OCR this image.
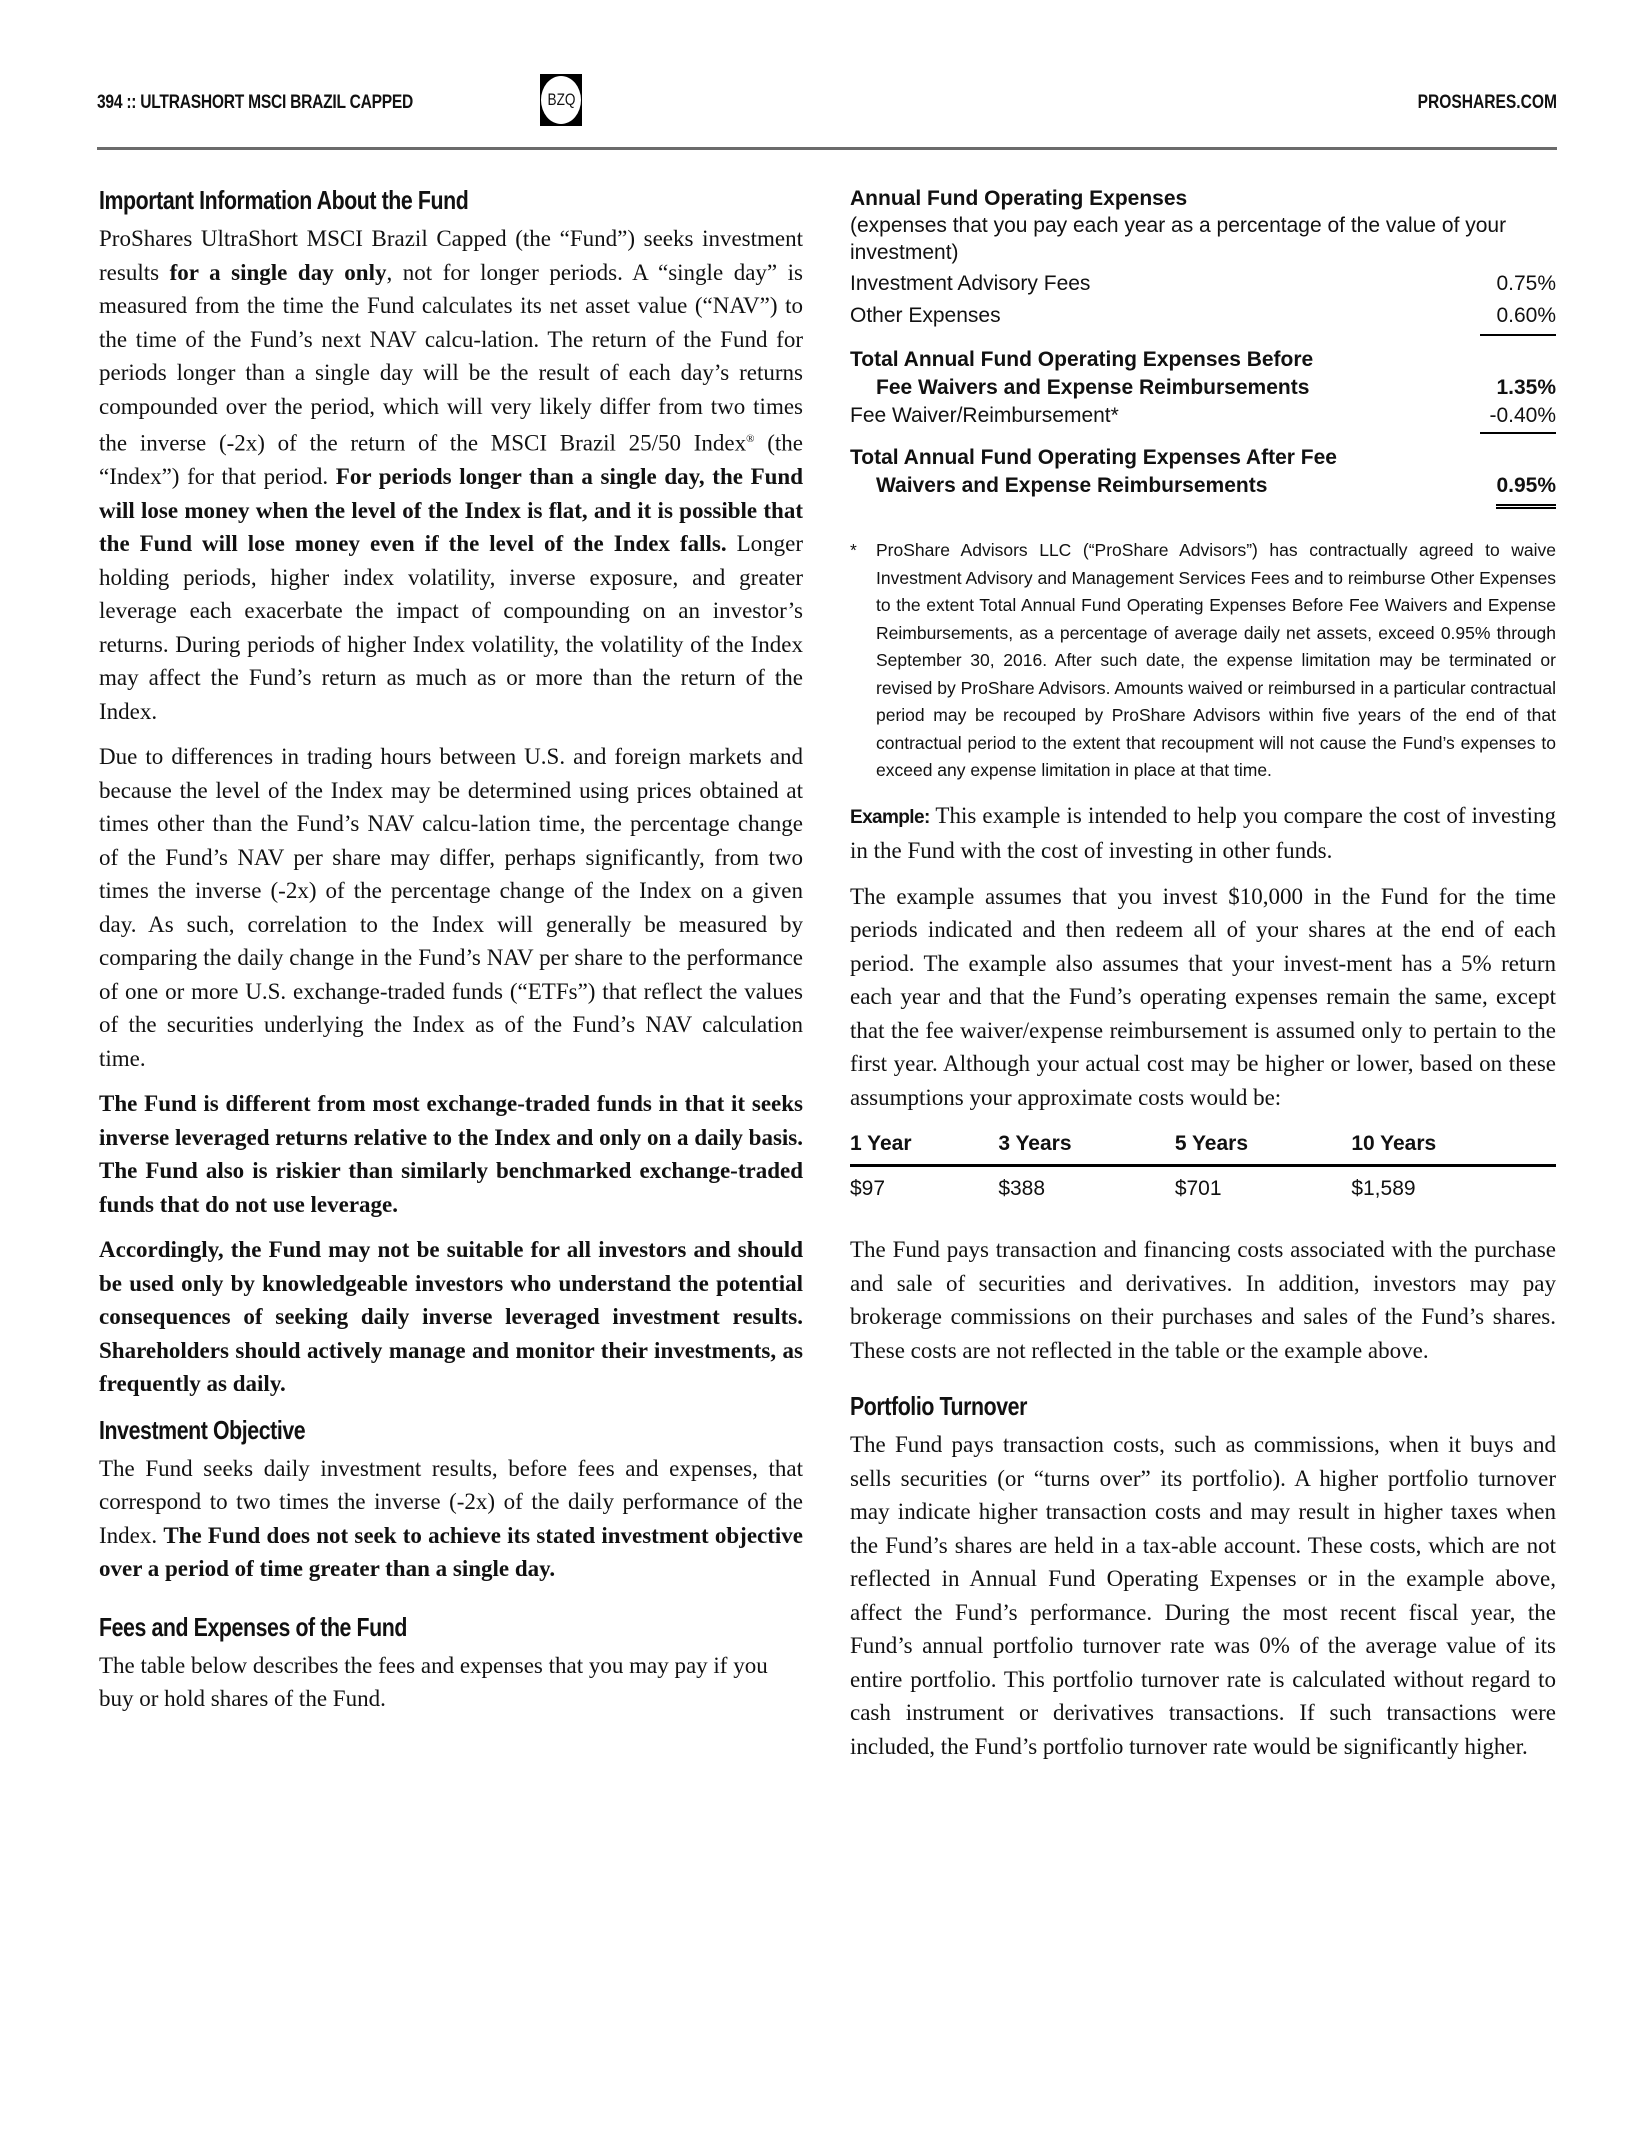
394 :: ULTRASHORT MSCI BRAZIL CAPPED	BZQ	PROSHARES.COM
Important Information About the Fund

ProShares UltraShort MSCI Brazil Capped (the “Fund”) seeks investment results for a single day only, not for longer periods. A “single day” is measured from the time the Fund calculates its net asset value (“NAV”) to the time of the Fund’s next NAV calcu-lation. The return of the Fund for periods longer than a single day will be the result of each day’s returns compounded over the period, which will very likely differ from two times the inverse (-2x) of the return of the MSCI Brazil 25/50 Index® (the “Index”) for that period. For periods longer than a single day, the Fund will lose money when the level of the Index is flat, and it is possible that the Fund will lose money even if the level of the Index falls. Longer holding periods, higher index volatility, inverse exposure, and greater leverage each exacerbate the impact of compounding on an investor’s returns. During periods of higher Index volatility, the volatility of the Index may affect the Fund’s return as much as or more than the return of the Index.

Due to differences in trading hours between U.S. and foreign markets and because the level of the Index may be determined using prices obtained at times other than the Fund’s NAV calcu-lation time, the percentage change of the Fund’s NAV per share may differ, perhaps significantly, from two times the inverse (-2x) of the percentage change of the Index on a given day. As such, correlation to the Index will generally be measured by comparing the daily change in the Fund’s NAV per share to the performance of one or more U.S. exchange-traded funds (“ETFs”) that reflect the values of the securities underlying the Index as of the Fund’s NAV calculation time.

The Fund is different from most exchange-traded funds in that it seeks inverse leveraged returns relative to the Index and only on a daily basis. The Fund also is riskier than similarly benchmarked exchange-traded funds that do not use leverage.

Accordingly, the Fund may not be suitable for all investors and should be used only by knowledgeable investors who understand the potential consequences of seeking daily inverse leveraged investment results. Shareholders should actively manage and monitor their investments, as frequently as daily.

Investment Objective

The Fund seeks daily investment results, before fees and expenses, that correspond to two times the inverse (-2x) of the daily performance of the Index. The Fund does not seek to achieve its stated investment objective over a period of time greater than a single day.

Fees and Expenses of the Fund

The table below describes the fees and expenses that you may pay if you buy or hold shares of the Fund.

Annual Fund Operating Expenses
(expenses that you pay each year as a percentage of the value of your investment)
Investment Advisory Fees	0.75%
Other Expenses	0.60%
Total Annual Fund Operating Expenses Before
Fee Waivers and Expense Reimbursements	1.35%
Fee Waiver/Reimbursement*	-0.40%
Total Annual Fund Operating Expenses After Fee
Waivers and Expense Reimbursements	0.95%
*	ProShare Advisors LLC (“ProShare Advisors”) has contractually agreed to waive Investment Advisory and Management Services Fees and to reimburse Other Expenses to the extent Total Annual Fund Operating Expenses Before Fee Waivers and Expense Reimbursements, as a percentage of average daily net assets, exceed 0.95% through September 30, 2016. After such date, the expense limitation may be terminated or revised by ProShare Advisors. Amounts waived or reimbursed in a particular contractual period may be recouped by ProShare Advisors within five years of the end of that contractual period to the extent that recoupment will not cause the Fund’s expenses to exceed any expense limitation in place at that time.

Example: This example is intended to help you compare the cost of investing in the Fund with the cost of investing in other funds.

The example assumes that you invest $10,000 in the Fund for the time periods indicated and then redeem all of your shares at the end of each period. The example also assumes that your invest-ment has a 5% return each year and that the Fund’s operating expenses remain the same, except that the fee waiver/expense reimbursement is assumed only to pertain to the first year. Although your actual cost may be higher or lower, based on these assumptions your approximate costs would be:

1 Year	3 Years	5 Years	10 Years
$97	$388	$701	$1,589

The Fund pays transaction and financing costs associated with the purchase and sale of securities and derivatives. In addition, investors may pay brokerage commissions on their purchases and sales of the Fund’s shares. These costs are not reflected in the table or the example above.

Portfolio Turnover

The Fund pays transaction costs, such as commissions, when it buys and sells securities (or “turns over” its portfolio). A higher portfolio turnover may indicate higher transaction costs and may result in higher taxes when the Fund’s shares are held in a tax-able account. These costs, which are not reflected in Annual Fund Operating Expenses or in the example above, affect the Fund’s performance. During the most recent fiscal year, the Fund’s annual portfolio turnover rate was 0% of the average value of its entire portfolio. This portfolio turnover rate is calculated without regard to cash instrument or derivatives transactions. If such transactions were included, the Fund’s portfolio turnover rate would be significantly higher.
